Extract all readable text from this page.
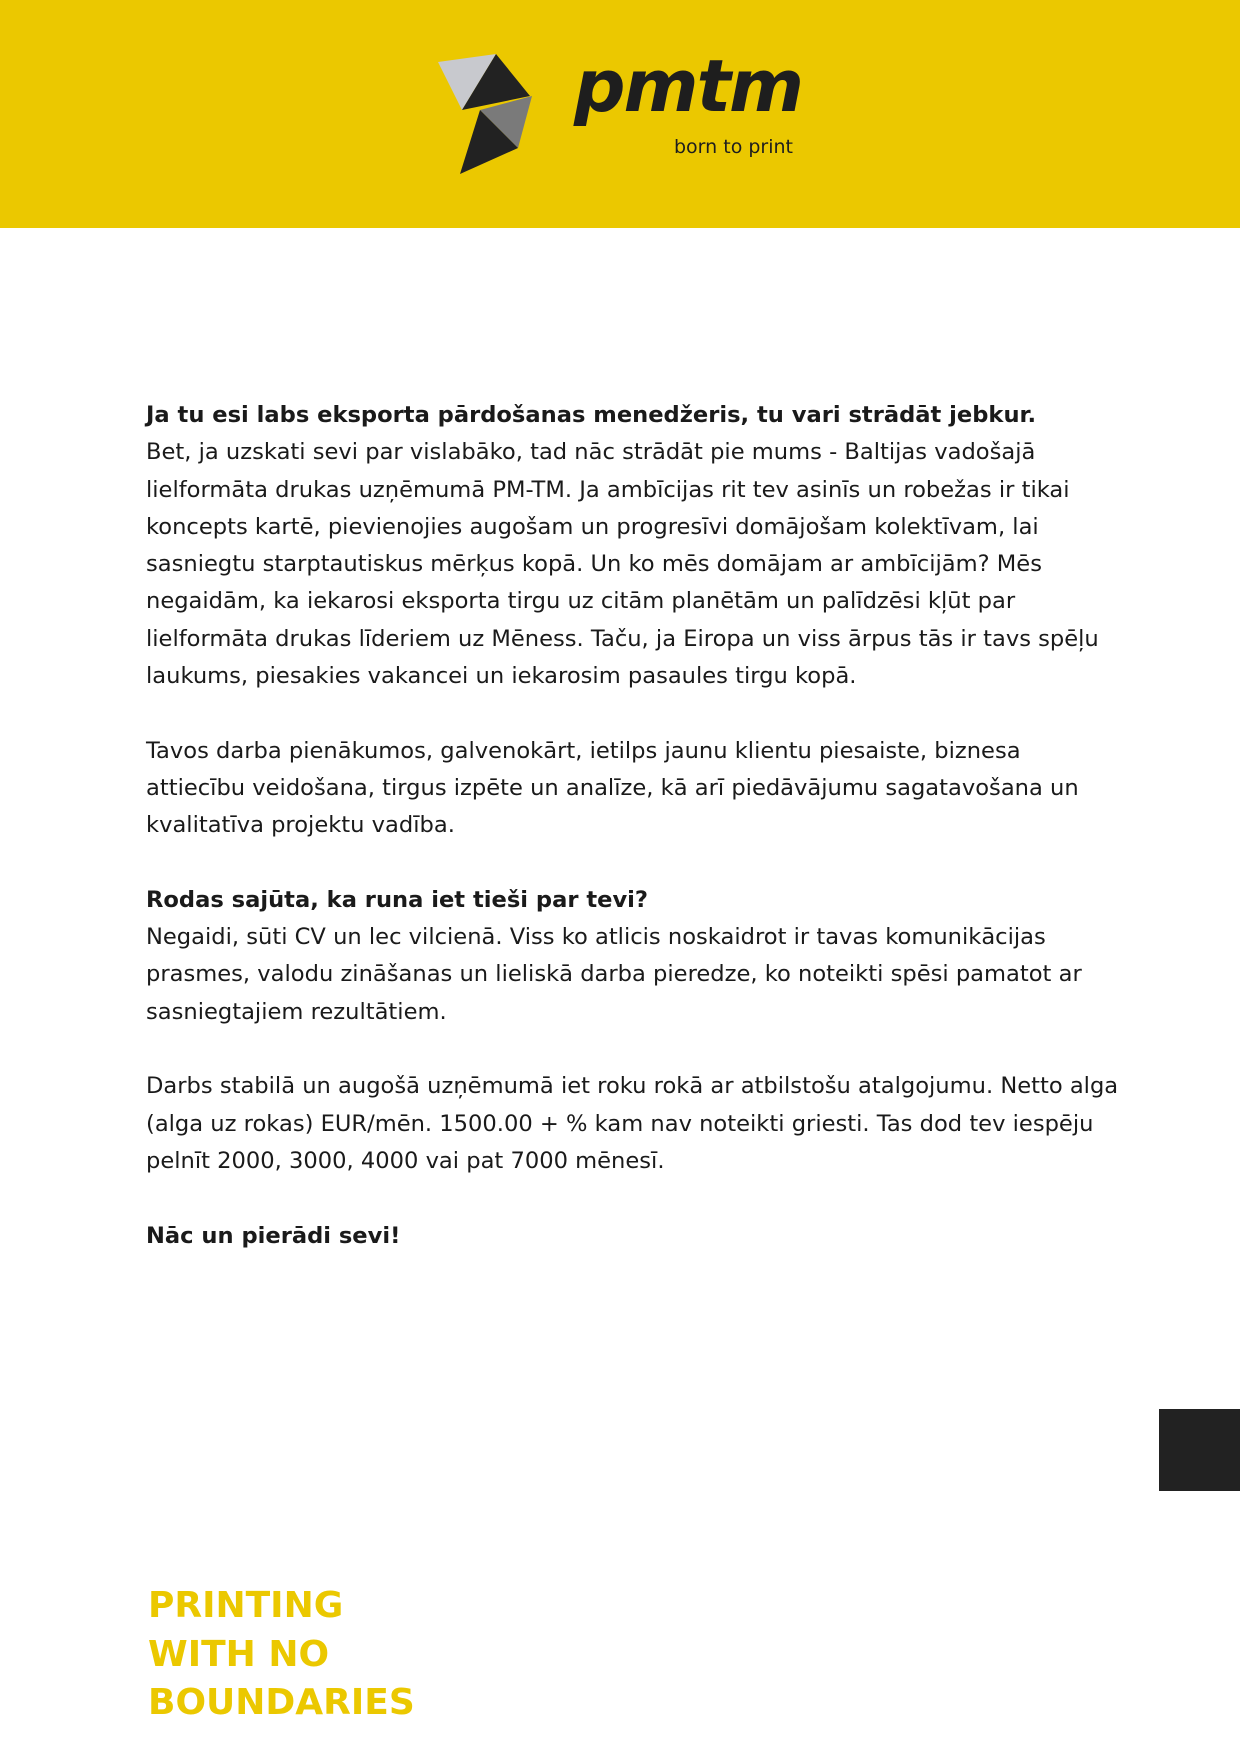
pmtm
born to print

Ja tu esi labs eksporta pārdošanas menedžeris, tu vari strādāt jebkur.
Bet, ja uzskati sevi par vislabāko, tad nāc strādāt pie mums - Baltijas vadošajā lielformāta drukas uzņēmumā PM-TM. Ja ambīcijas rit tev asinīs un robežas ir tikai koncepts kartē, pievienojies augošam un progresīvi domājošam kolektīvam, lai sasniegtu starptautiskus mērķus kopā. Un ko mēs domājam ar ambīcijām? Mēs negaidām, ka iekarosi eksporta tirgu uz citām planētām un palīdzēsi kļūt par lielformāta drukas līderiem uz Mēness. Taču, ja Eiropa un viss ārpus tās ir tavs spēļu laukums, piesakies vakancei un iekarosim pasaules tirgu kopā.

Tavos darba pienākumos, galvenokārt, ietilps jaunu klientu piesaiste, biznesa attiecību veidošana, tirgus izpēte un analīze, kā arī piedāvājumu sagatavošana un kvalitatīva projektu vadība.

Rodas sajūta, ka runa iet tieši par tevi?
Negaidi, sūti CV un lec vilcienā. Viss ko atlicis noskaidrot ir tavas komunikācijas prasmes, valodu zināšanas un lieliskā darba pieredze, ko noteikti spēsi pamatot ar sasniegtajiem rezultātiem.

Darbs stabilā un augošā uzņēmumā iet roku rokā ar atbilstošu atalgojumu. Netto alga (alga uz rokas) EUR/mēn. 1500.00 + % kam nav noteikti griesti. Tas dod tev iespēju pelnīt 2000, 3000, 4000 vai pat 7000 mēnesī.

Nāc un pierādi sevi!

PRINTING
WITH NO
BOUNDARIES
